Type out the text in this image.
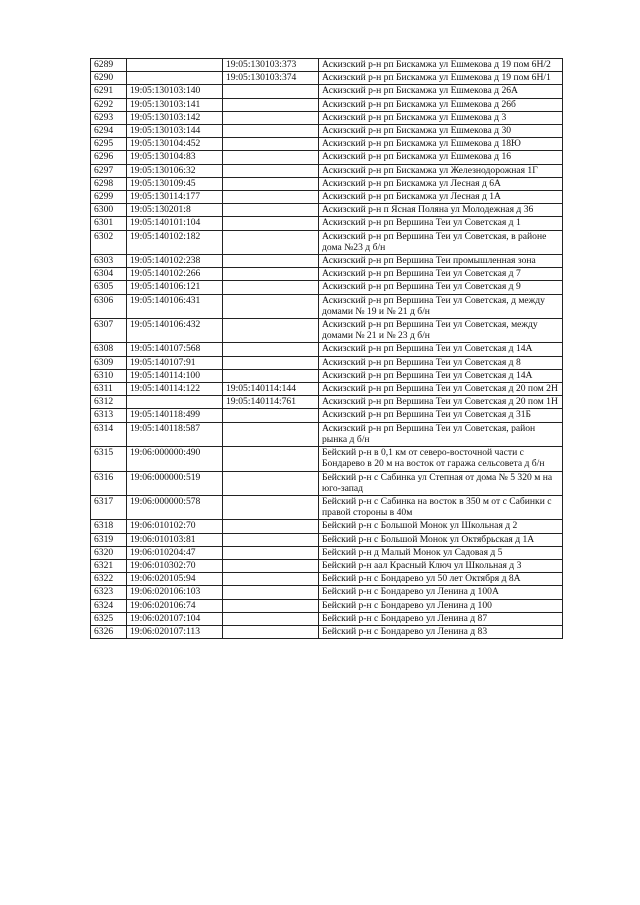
6289		19:05:130103:373	Аскизский р-н рп Бискамжа ул Ешмекова д 19 пом 6Н/2
6290		19:05:130103:374	Аскизский р-н рп Бискамжа ул Ешмекова д 19 пом 6Н/1
6291	19:05:130103:140		Аскизский р-н рп Бискамжа ул Ешмекова д 26А
6292	19:05:130103:141		Аскизский р-н рп Бискамжа ул Ешмекова д 26б
6293	19:05:130103:142		Аскизский р-н рп Бискамжа ул Ешмекова д 3
6294	19:05:130103:144		Аскизский р-н рп Бискамжа ул Ешмекова д 30
6295	19:05:130104:452		Аскизский р-н рп Бискамжа ул Ешмекова д 18Ю
6296	19:05:130104:83		Аскизский р-н рп Бискамжа ул Ешмекова д 16
6297	19:05:130106:32		Аскизский р-н рп Бискамжа ул Железнодорожная 1Г
6298	19:05:130109:45		Аскизский р-н рп Бискамжа ул Лесная д 6А
6299	19:05:130114:177		Аскизский р-н рп Бискамжа ул Лесная д 1А
6300	19:05:130201:8		Аскизский р-н п Ясная Поляна ул Молодежная д 36
6301	19:05:140101:104		Аскизский р-н рп Вершина Теи ул Советская д 1
6302	19:05:140102:182		Аскизский р-н рп Вершина Теи ул Советская, в районе дома №23 д б/н
6303	19:05:140102:238		Аскизский р-н рп Вершина Теи промышленная зона
6304	19:05:140102:266		Аскизский р-н рп Вершина Теи ул Советская д 7
6305	19:05:140106:121		Аскизский р-н рп Вершина Теи ул Советская д 9
6306	19:05:140106:431		Аскизский р-н рп Вершина Теи ул Советская, д между домами № 19 и № 21 д б/н
6307	19:05:140106:432		Аскизский р-н рп Вершина Теи ул Советская, между домами № 21 и № 23 д б/н
6308	19:05:140107:568		Аскизский р-н рп Вершина Теи ул Советская д 14А
6309	19:05:140107:91		Аскизский р-н рп Вершина Теи ул Советская д 8
6310	19:05:140114:100		Аскизский р-н рп Вершина Теи ул Советская д 14А
6311	19:05:140114:122	19:05:140114:144	Аскизский р-н рп Вершина Теи ул Советская д 20 пом 2Н
6312		19:05:140114:761	Аскизский р-н рп Вершина Теи ул Советская д 20 пом 1Н
6313	19:05:140118:499		Аскизский р-н рп Вершина Теи ул Советская д 31Б
6314	19:05:140118:587		Аскизский р-н рп Вершина Теи ул Советская, район рынка д б/н
6315	19:06:000000:490		Бейский р-н в 0,1 км от северо-восточной части с Бондарево в 20 м на восток от гаража сельсовета д б/н
6316	19:06:000000:519		Бейский р-н с Сабинка ул Степная от дома № 5 320 м на юго-запад
6317	19:06:000000:578		Бейский р-н с Сабинка на восток в 350 м от с Сабинки с правой стороны в 40м
6318	19:06:010102:70		Бейский р-н с Большой Монок ул Школьная д 2
6319	19:06:010103:81		Бейский р-н с Большой Монок ул Октябрьская д 1А
6320	19:06:010204:47		Бейский р-н д Малый Монок ул Садовая д 5
6321	19:06:010302:70		Бейский р-н аал Красный Ключ ул Школьная д 3
6322	19:06:020105:94		Бейский р-н с Бондарево ул 50 лет Октября д 8А
6323	19:06:020106:103		Бейский р-н с Бондарево ул Ленина д 100А
6324	19:06:020106:74		Бейский р-н с Бондарево ул Ленина д 100
6325	19:06:020107:104		Бейский р-н с Бондарево ул Ленина д 87
6326	19:06:020107:113		Бейский р-н с Бондарево ул Ленина д 83
